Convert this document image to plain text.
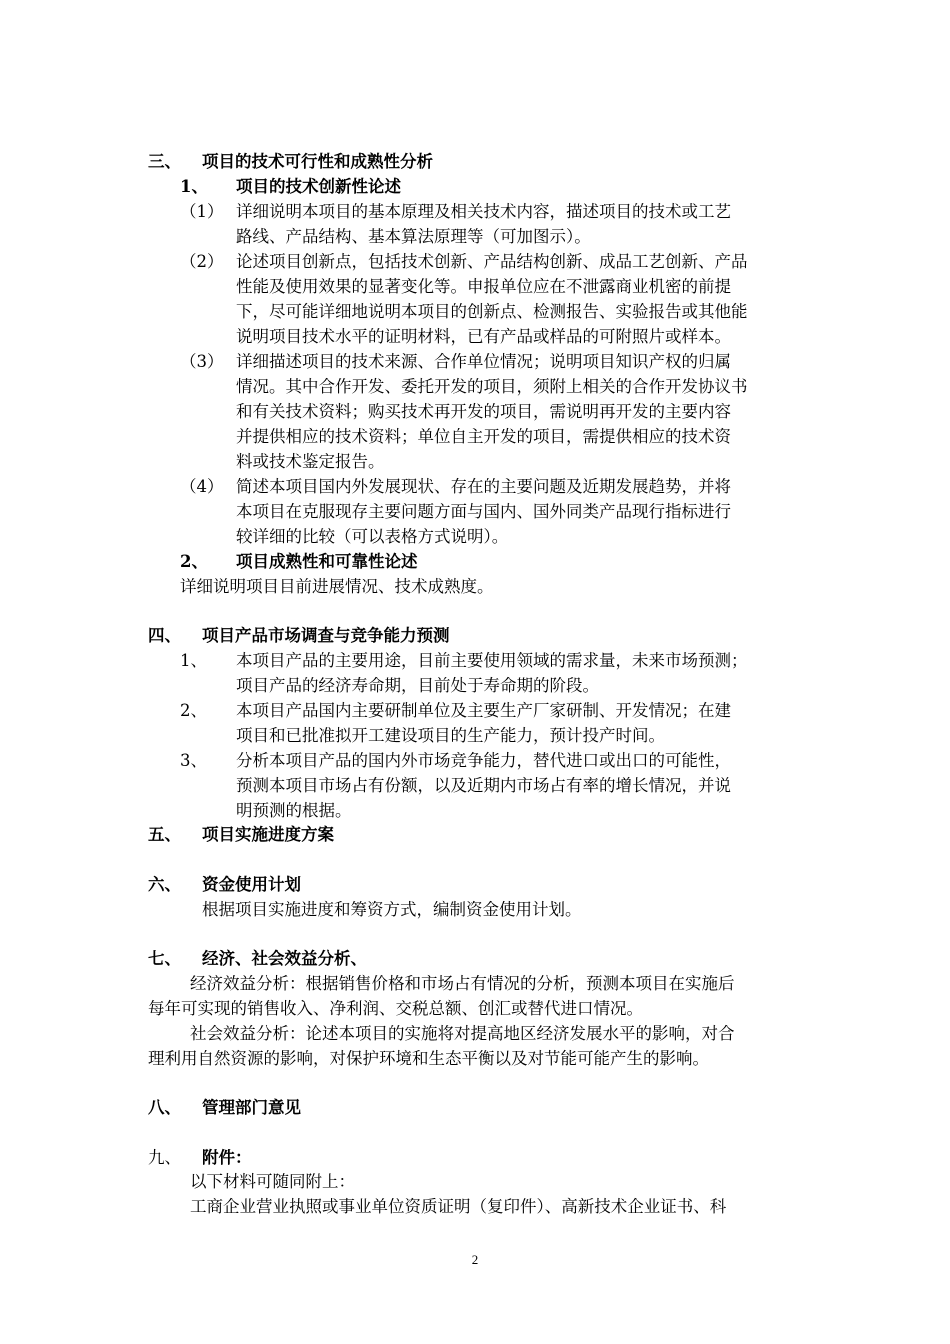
三、 项目的技术可行性和成熟性分析
1、 项目的技术创新性论述
（1） 详细说明本项目的基本原理及相关技术内容，描述项目的技术或工艺
路线、产品结构、基本算法原理等（可加图示）。
（2） 论述项目创新点，包括技术创新、产品结构创新、成品工艺创新、产品
性能及使用效果的显著变化等。申报单位应在不泄露商业机密的前提
下，尽可能详细地说明本项目的创新点、检测报告、实验报告或其他能
说明项目技术水平的证明材料，已有产品或样品的可附照片或样本。
（3） 详细描述项目的技术来源、合作单位情况；说明项目知识产权的归属
情况。其中合作开发、委托开发的项目，须附上相关的合作开发协议书
和有关技术资料；购买技术再开发的项目，需说明再开发的主要内容
并提供相应的技术资料；单位自主开发的项目，需提供相应的技术资
料或技术鉴定报告。
（4） 简述本项目国内外发展现状、存在的主要问题及近期发展趋势，并将
本项目在克服现存主要问题方面与国内、国外同类产品现行指标进行
较详细的比较（可以表格方式说明）。
2、 项目成熟性和可靠性论述
详细说明项目目前进展情况、技术成熟度。
四、 项目产品市场调查与竞争能力预测
1、 本项目产品的主要用途，目前主要使用领域的需求量，未来市场预测；
项目产品的经济寿命期，目前处于寿命期的阶段。
2、 本项目产品国内主要研制单位及主要生产厂家研制、开发情况；在建
项目和已批准拟开工建设项目的生产能力，预计投产时间。
3、 分析本项目产品的国内外市场竞争能力，替代进口或出口的可能性，
预测本项目市场占有份额，以及近期内市场占有率的增长情况，并说
明预测的根据。
五、 项目实施进度方案
六、 资金使用计划
根据项目实施进度和筹资方式，编制资金使用计划。
七、 经济、社会效益分析、
经济效益分析：根据销售价格和市场占有情况的分析，预测本项目在实施后
每年可实现的销售收入、净利润、交税总额、创汇或替代进口情况。
社会效益分析：论述本项目的实施将对提高地区经济发展水平的影响，对合
理利用自然资源的影响，对保护环境和生态平衡以及对节能可能产生的影响。
八、 管理部门意见
九、 附件：
以下材料可随同附上：
工商企业营业执照或事业单位资质证明（复印件）、高新技术企业证书、科
2
